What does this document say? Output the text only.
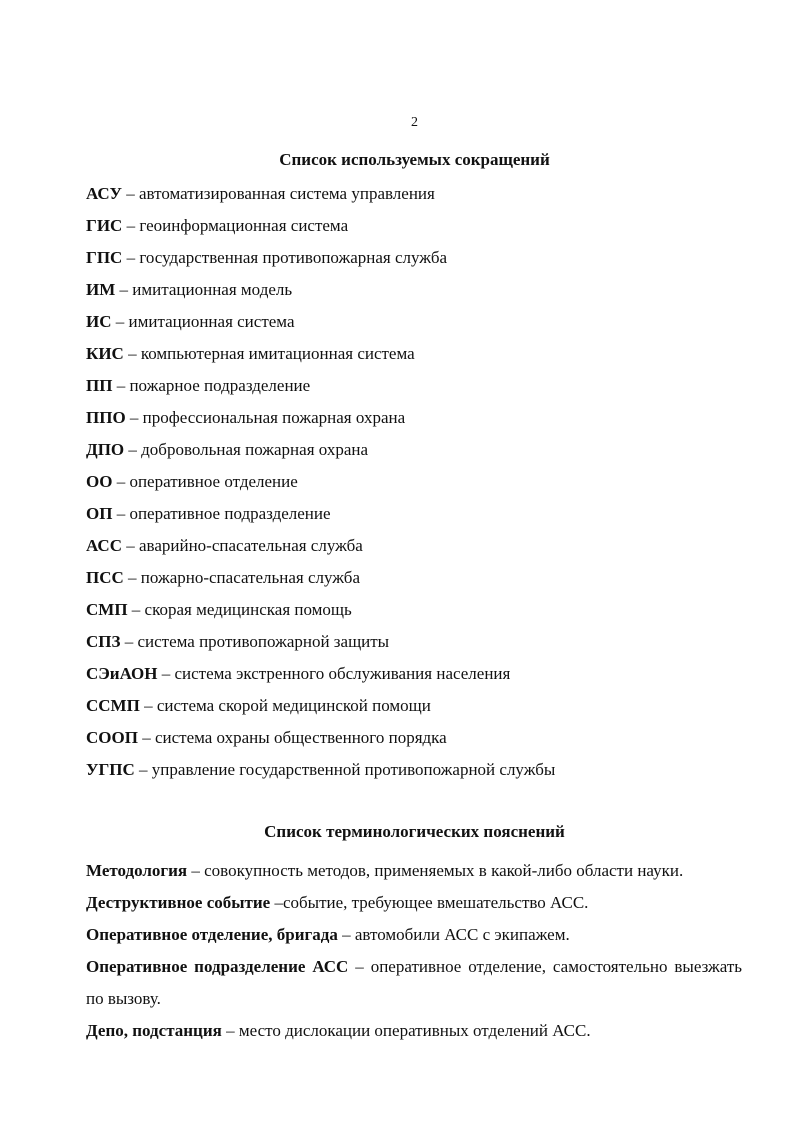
2
Список используемых сокращений
АСУ – автоматизированная система управления
ГИС – геоинформационная система
ГПС – государственная противопожарная служба
ИМ – имитационная модель
ИС – имитационная система
КИС – компьютерная имитационная система
ПП – пожарное подразделение
ППО – профессиональная пожарная охрана
ДПО – добровольная пожарная охрана
ОО – оперативное отделение
ОП – оперативное подразделение
АСС – аварийно-спасательная служба
ПСС – пожарно-спасательная служба
СМП – скорая медицинская помощь
СПЗ – система противопожарной защиты
СЭиАОН – система экстренного обслуживания населения
ССМП – система скорой медицинской помощи
СООП – система охраны общественного порядка
УГПС – управление государственной противопожарной службы
Список терминологических пояснений
Методология – совокупность методов, применяемых в какой-либо области науки.
Деструктивное событие –событие, требующее вмешательство АСС.
Оперативное отделение, бригада – автомобили АСС с экипажем.
Оперативное подразделение АСС – оперативное отделение, самостоятельно выезжать по вызову.
Депо, подстанция – место дислокации оперативных отделений АСС.
